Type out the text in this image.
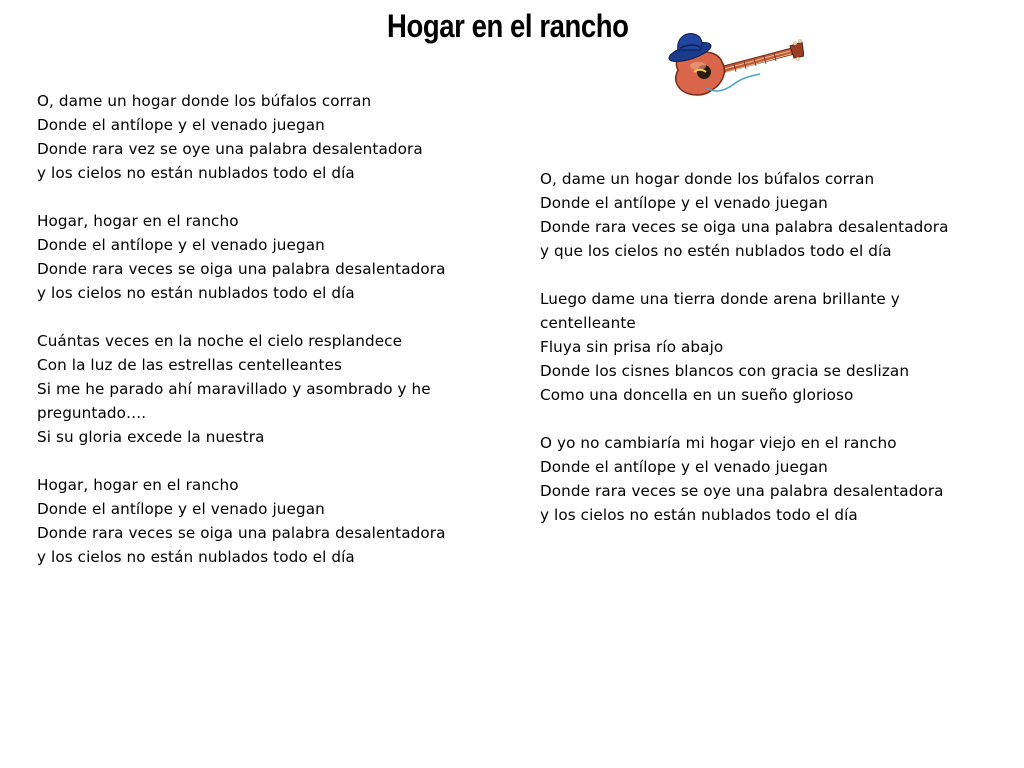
Hogar en el rancho
O, dame un hogar donde los búfalos corran
Donde el antílope y el venado juegan
Donde rara vez se oye una palabra desalentadora
y los cielos no están nublados todo el día
Hogar, hogar en el rancho
Donde el antílope y el venado juegan
Donde rara veces se oiga una palabra desalentadora
y los cielos no están nublados todo el día
Cuántas veces en la noche el cielo resplandece
Con la luz de las estrellas centelleantes
Si me he parado ahí maravillado y asombrado y he
preguntado….
Si su gloria excede la nuestra
Hogar, hogar en el rancho
Donde el antílope y el venado juegan
Donde rara veces se oiga una palabra desalentadora
y los cielos no están nublados todo el día
O, dame un hogar donde los búfalos corran
Donde el antílope y el venado juegan
Donde rara veces se oiga una palabra desalentadora
y que los cielos no estén nublados todo el día
Luego dame una tierra donde arena brillante y
centelleante
Fluya sin prisa río abajo
Donde los cisnes blancos con gracia se deslizan
Como una doncella en un sueño glorioso
O yo no cambiaría mi hogar viejo en el rancho
Donde el antílope y el venado juegan
Donde rara veces se oye una palabra desalentadora
y los cielos no están nublados todo el día
